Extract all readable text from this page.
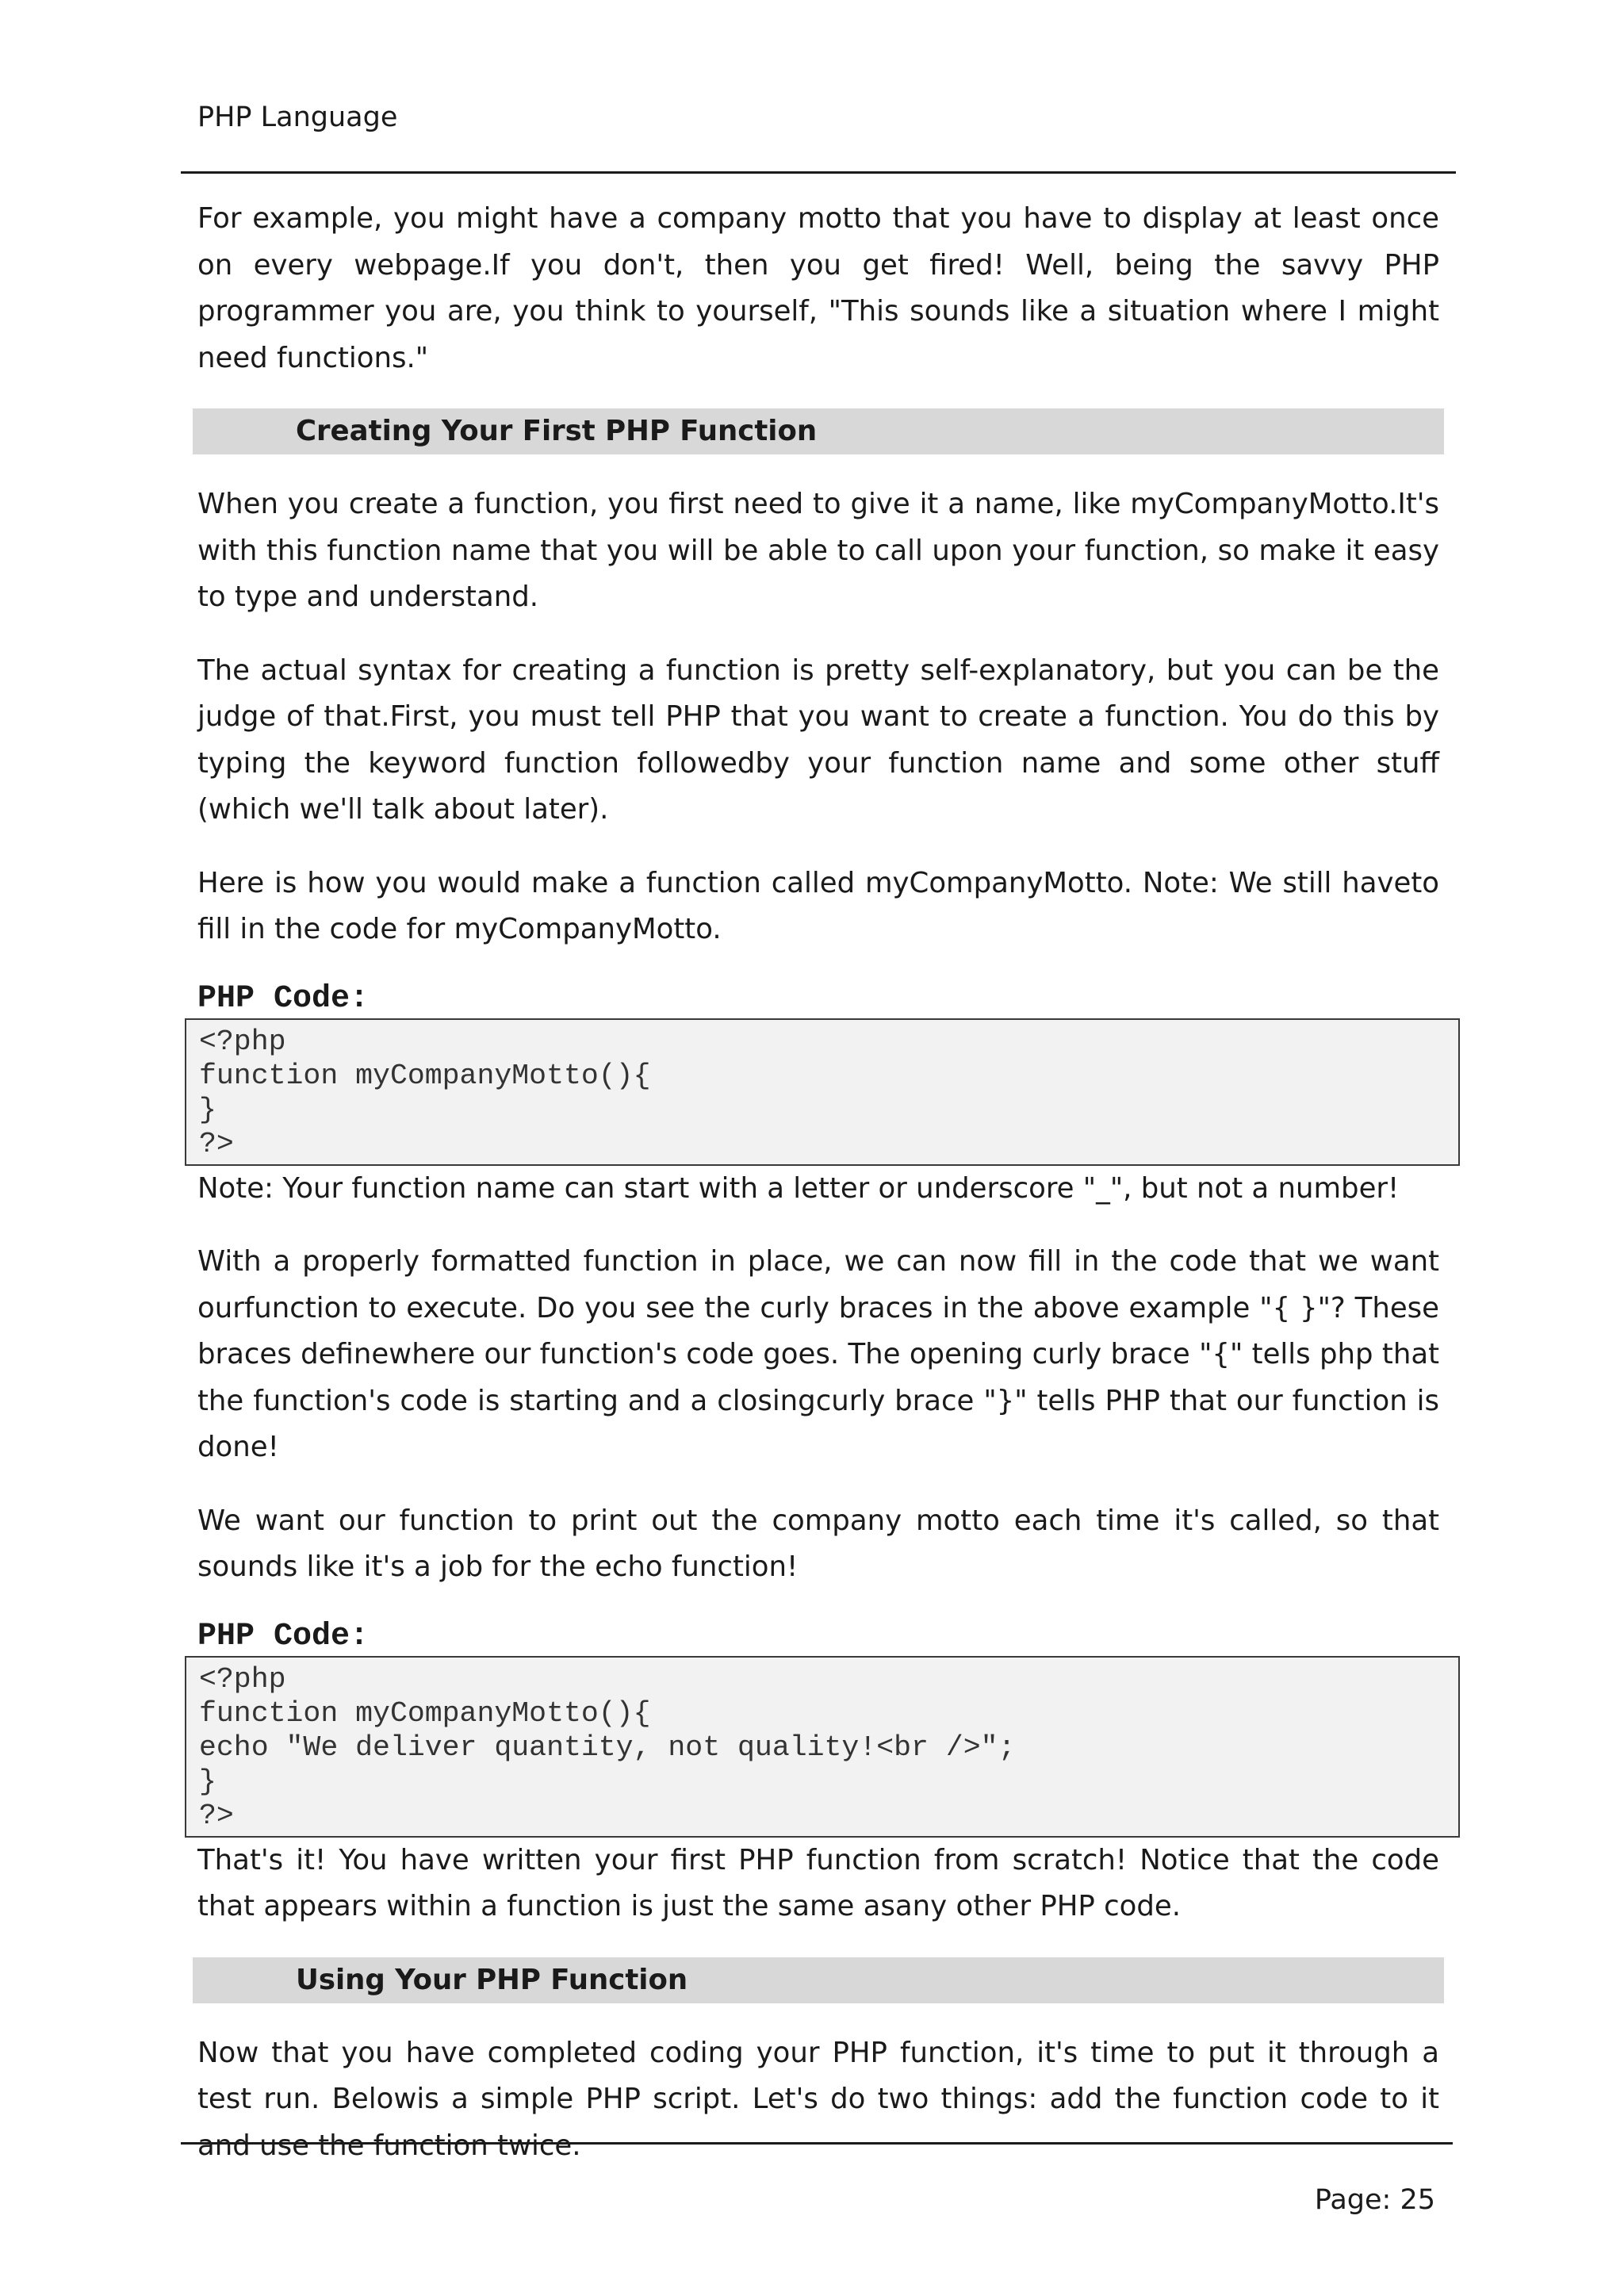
PHP Language

For example, you might have a company motto that you have to display at least once on every webpage.If you don't, then you get fired! Well, being the savvy PHP programmer you are, you think to yourself, "This sounds like a situation where I might need functions."

Creating Your First PHP Function

When you create a function, you first need to give it a name, like myCompanyMotto.It's with this function name that you will be able to call upon your function, so make it easy to type and understand.

The actual syntax for creating a function is pretty self-explanatory, but you can be the judge of that.First, you must tell PHP that you want to create a function. You do this by typing the keyword function followedby your function name and some other stuff (which we'll talk about later).

Here is how you would make a function called myCompanyMotto. Note: We still haveto fill in the code for myCompanyMotto.

PHP Code:
<?php
function myCompanyMotto(){
}
?>

Note: Your function name can start with a letter or underscore "_", but not a number!

With a properly formatted function in place, we can now fill in the code that we want ourfunction to execute. Do you see the curly braces in the above example "{ }"? These braces definewhere our function's code goes. The opening curly brace "{" tells php that the function's code is starting and a closingcurly brace "}" tells PHP that our function is done!

We want our function to print out the company motto each time it's called, so that sounds like it's a job for the echo function!

PHP Code:
<?php
function myCompanyMotto(){
echo "We deliver quantity, not quality!<br />";
}
?>

That's it! You have written your first PHP function from scratch! Notice that the code that appears within a function is just the same asany other PHP code.

Using Your PHP Function

Now that you have completed coding your PHP function, it's time to put it through a test run. Belowis a simple PHP script. Let's do two things: add the function code to it and use the function twice.

Page: 25
